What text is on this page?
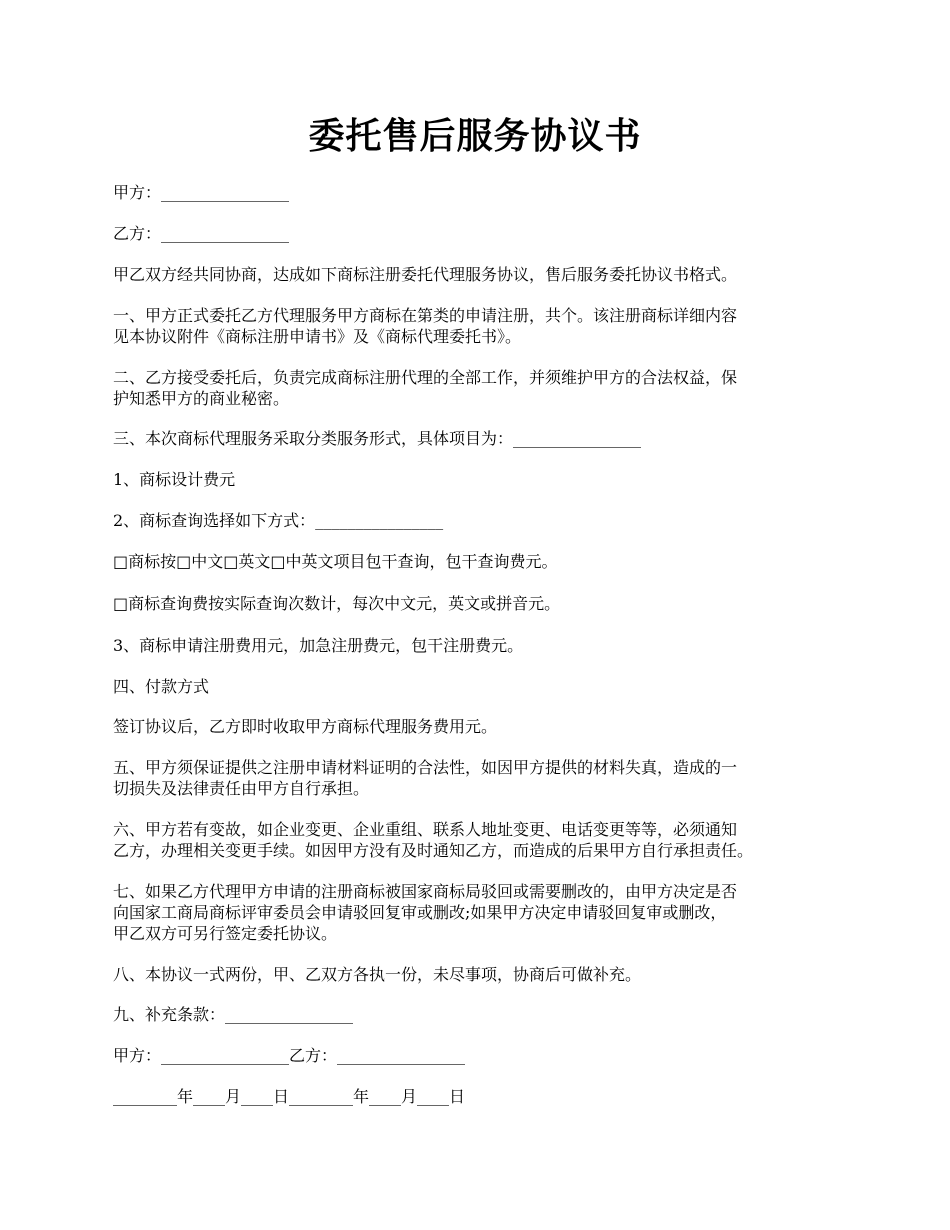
委托售后服务协议书
甲方：________________
乙方：________________
甲乙双方经共同协商，达成如下商标注册委托代理服务协议，售后服务委托协议书格式。
一、甲方正式委托乙方代理服务甲方商标在第类的申请注册，共个。该注册商标详细内容
见本协议附件《商标注册申请书》及《商标代理委托书》。
二、乙方接受委托后，负责完成商标注册代理的全部工作，并须维护甲方的合法权益，保
护知悉甲方的商业秘密。
三、本次商标代理服务采取分类服务形式，具体项目为：________________
1、商标设计费元
2、商标查询选择如下方式：________________
□商标按□中文□英文□中英文项目包干查询，包干查询费元。
□商标查询费按实际查询次数计，每次中文元，英文或拼音元。
3、商标申请注册费用元，加急注册费元，包干注册费元。
四、付款方式
签订协议后，乙方即时收取甲方商标代理服务费用元。
五、甲方须保证提供之注册申请材料证明的合法性，如因甲方提供的材料失真，造成的一
切损失及法律责任由甲方自行承担。
六、甲方若有变故，如企业变更、企业重组、联系人地址变更、电话变更等等，必须通知
乙方，办理相关变更手续。如因甲方没有及时通知乙方，而造成的后果甲方自行承担责任。
七、如果乙方代理甲方申请的注册商标被国家商标局驳回或需要删改的，由甲方决定是否
向国家工商局商标评审委员会申请驳回复审或删改;如果甲方决定申请驳回复审或删改，
甲乙双方可另行签定委托协议。
八、本协议一式两份，甲、乙双方各执一份，未尽事项，协商后可做补充。
九、补充条款：________________
甲方：________________乙方：________________
________年____月____日________年____月____日
